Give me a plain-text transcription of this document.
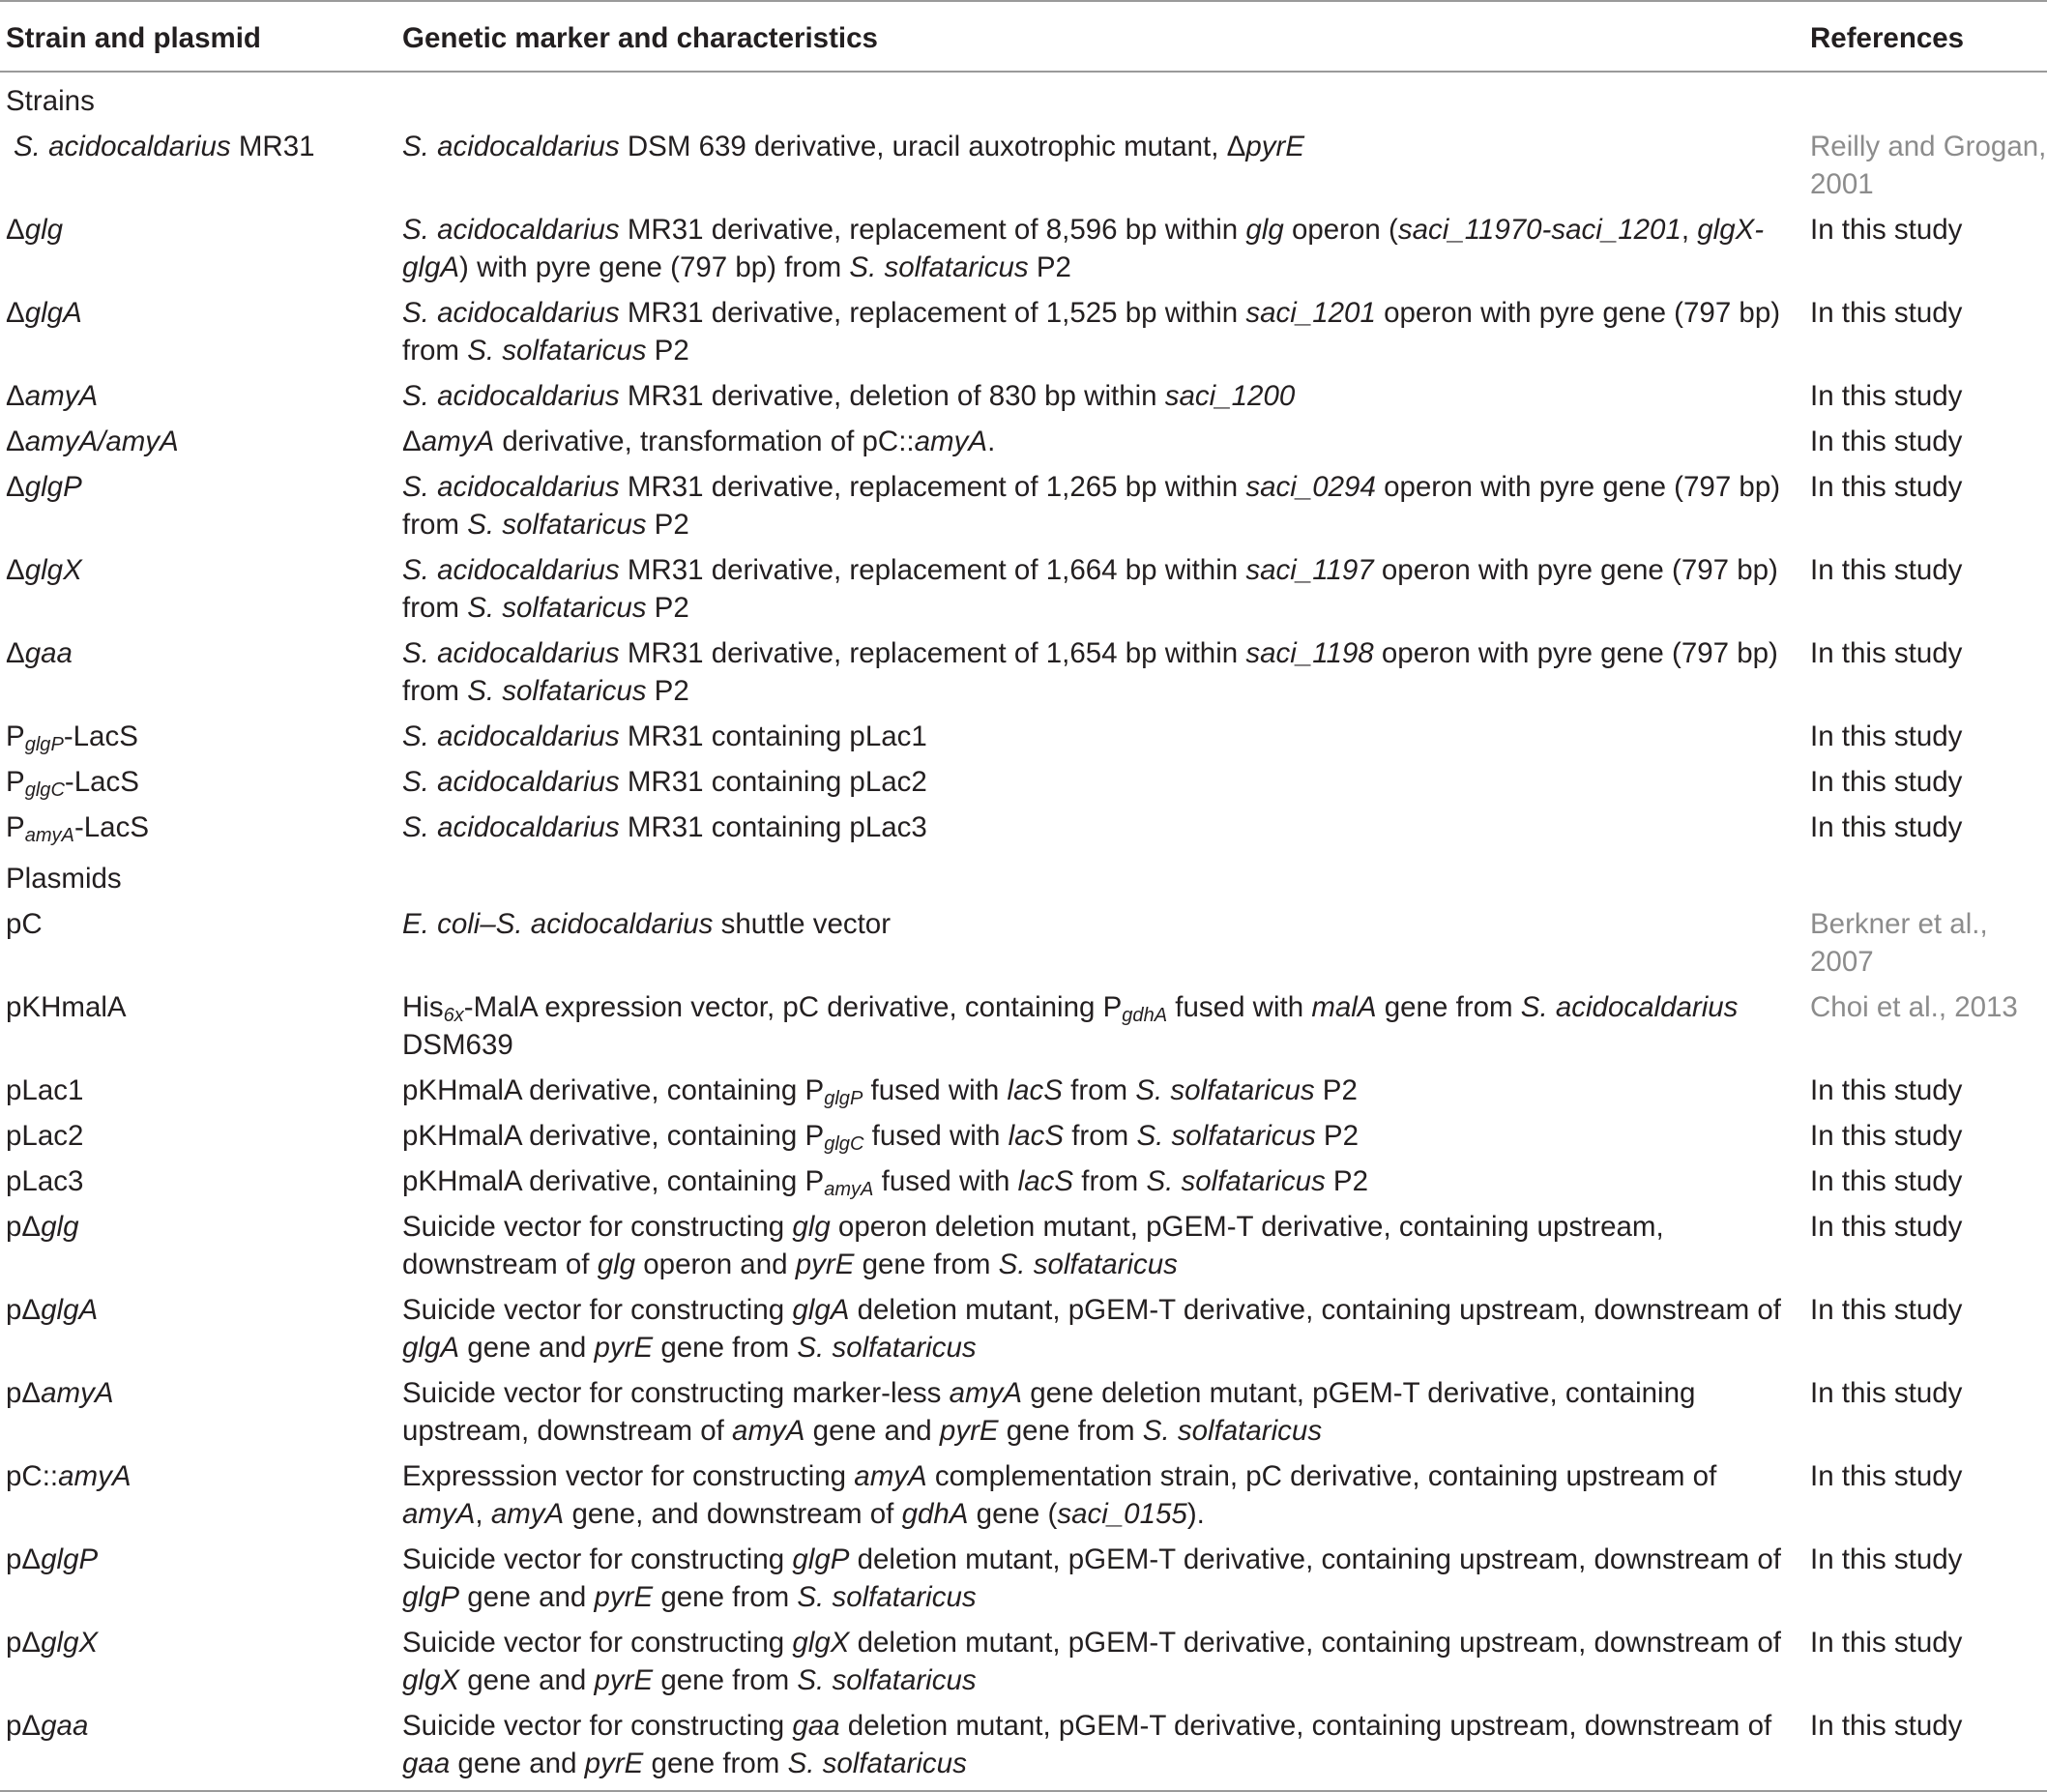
Strain and plasmid	Genetic marker and characteristics	References
Strains		
S. acidocaldarius MR31	S. acidocaldarius DSM 639 derivative, uracil auxotrophic mutant, ΔpyrE	Reilly and Grogan, 2001
Δglg	S. acidocaldarius MR31 derivative, replacement of 8,596 bp within glg operon (saci_11970-saci_1201, glgX-glgA) with pyre gene (797 bp) from S. solfataricus P2	In this study
ΔglgA	S. acidocaldarius MR31 derivative, replacement of 1,525 bp within saci_1201 operon with pyre gene (797 bp) from S. solfataricus P2	In this study
ΔamyA	S. acidocaldarius MR31 derivative, deletion of 830 bp within saci_1200	In this study
ΔamyA/amyA	ΔamyA derivative, transformation of pC::amyA.	In this study
ΔglgP	S. acidocaldarius MR31 derivative, replacement of 1,265 bp within saci_0294 operon with pyre gene (797 bp) from S. solfataricus P2	In this study
ΔglgX	S. acidocaldarius MR31 derivative, replacement of 1,664 bp within saci_1197 operon with pyre gene (797 bp) from S. solfataricus P2	In this study
Δgaa	S. acidocaldarius MR31 derivative, replacement of 1,654 bp within saci_1198 operon with pyre gene (797 bp) from S. solfataricus P2	In this study
$P_{glgP}$-LacS	S. acidocaldarius MR31 containing pLac1	In this study
$P_{glgC}$-LacS	S. acidocaldarius MR31 containing pLac2	In this study
$P_{amyA}$-LacS	S. acidocaldarius MR31 containing pLac3	In this study
Plasmids		
pC	E. coli–S. acidocaldarius shuttle vector	Berkner et al., 2007
pKHmalA	His$_{6x}$-MalA expression vector, pC derivative, containing $P_{gdhA}$ fused with malA gene from S. acidocaldarius DSM639	Choi et al., 2013
pLac1	pKHmalA derivative, containing $P_{glgP}$ fused with lacS from S. solfataricus P2	In this study
pLac2	pKHmalA derivative, containing $P_{glgC}$ fused with lacS from S. solfataricus P2	In this study
pLac3	pKHmalA derivative, containing $P_{amyA}$ fused with lacS from S. solfataricus P2	In this study
pΔglg	Suicide vector for constructing glg operon deletion mutant, pGEM-T derivative, containing upstream, downstream of glg operon and pyrE gene from S. solfataricus	In this study
pΔglgA	Suicide vector for constructing glgA deletion mutant, pGEM-T derivative, containing upstream, downstream of glgA gene and pyrE gene from S. solfataricus	In this study
pΔamyA	Suicide vector for constructing marker-less amyA gene deletion mutant, pGEM-T derivative, containing upstream, downstream of amyA gene and pyrE gene from S. solfataricus	In this study
pC::amyA	Expresssion vector for constructing amyA complementation strain, pC derivative, containing upstream of amyA, amyA gene, and downstream of gdhA gene (saci_0155).	In this study
pΔglgP	Suicide vector for constructing glgP deletion mutant, pGEM-T derivative, containing upstream, downstream of glgP gene and pyrE gene from S. solfataricus	In this study
pΔglgX	Suicide vector for constructing glgX deletion mutant, pGEM-T derivative, containing upstream, downstream of glgX gene and pyrE gene from S. solfataricus	In this study
pΔgaa	Suicide vector for constructing gaa deletion mutant, pGEM-T derivative, containing upstream, downstream of gaa gene and pyrE gene from S. solfataricus	In this study
